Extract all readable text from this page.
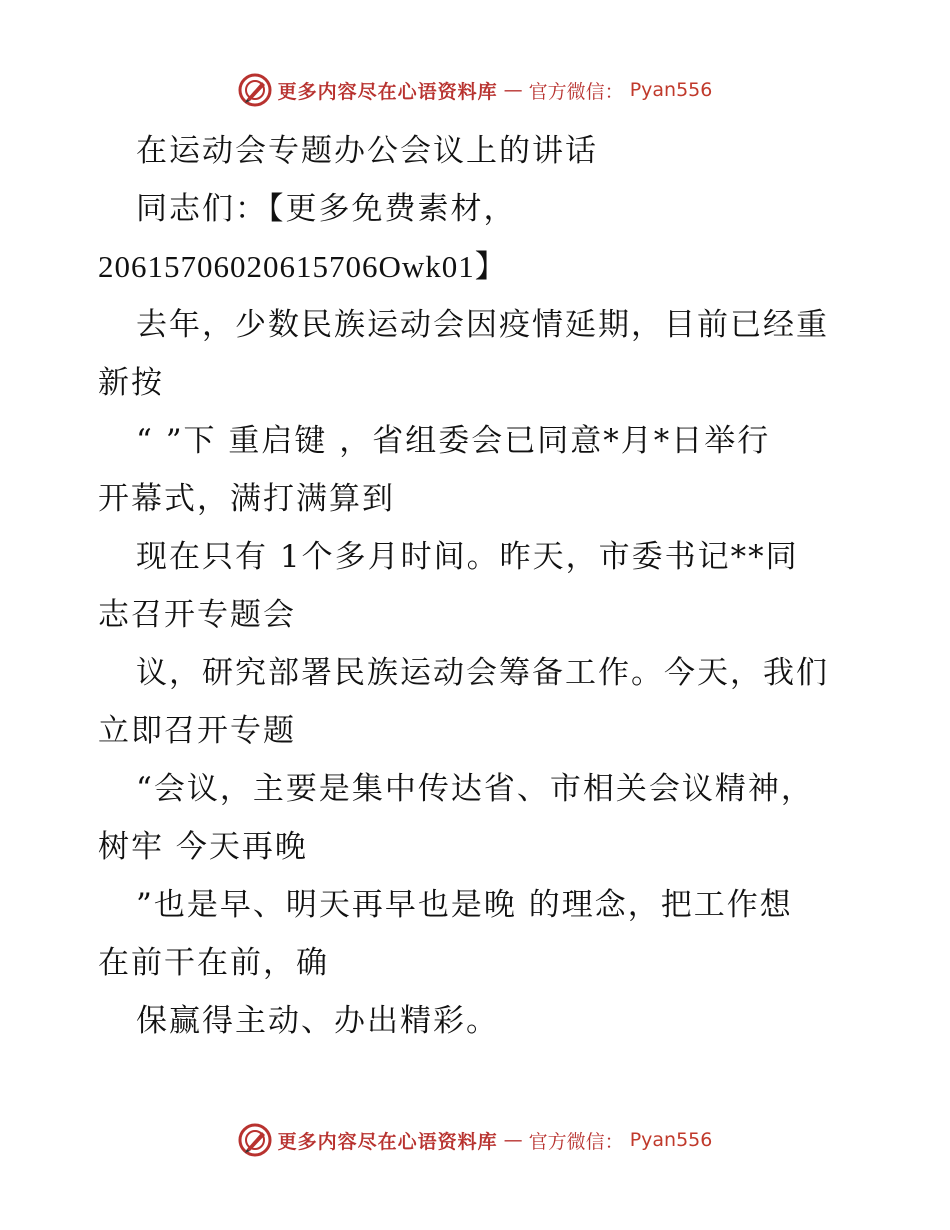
更多内容尽在心语资料库 — 官方微信： Pyan556
在运动会专题办公会议上的讲话
同志们：【更多免费素材，
20615706020615706Owk01】
去年，少数民族运动会因疫情延期，目前已经重
新按
“ ”下 重启键 ，省组委会已同意*月*日举行
开幕式，满打满算到
现在只有 1个多月时间。昨天，市委书记**同
志召开专题会
议，研究部署民族运动会筹备工作。今天，我们
立即召开专题
“会议，主要是集中传达省、市相关会议精神，
树牢 今天再晚
”也是早、明天再早也是晚 的理念，把工作想
在前干在前，确
保赢得主动、办出精彩。
更多内容尽在心语资料库 — 官方微信： Pyan556
